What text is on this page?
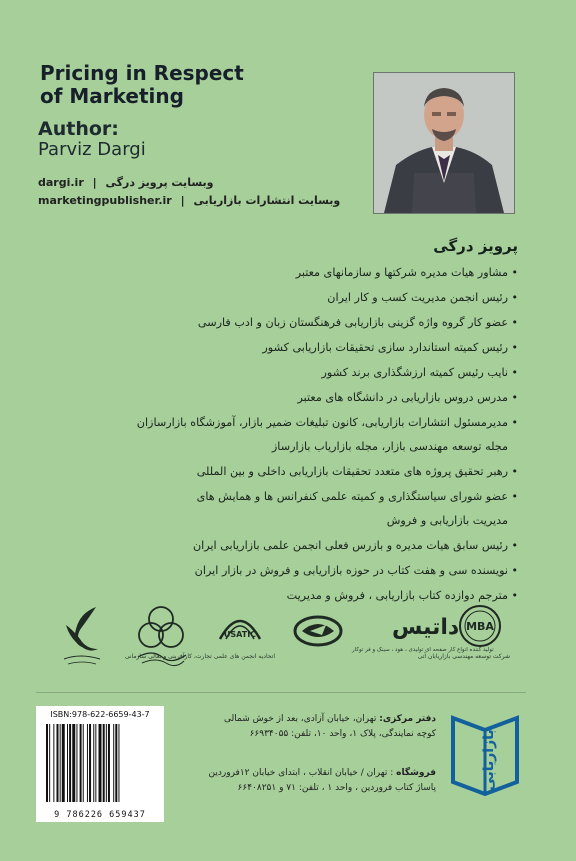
Pricing in Respect
of Marketing
Author:
Parviz Dargi
dargi.ir | وبسایت پرویز درگی
marketingpublisher.ir | وبسایت انتشارات بازاریابی
پرویز درگی
• مشاور هیات مدیره شرکتها و سازمانهای معتبر
• رئیس انجمن مدیریت کسب و کار ایران
• عضو کار گروه واژه گزینی بازاریابی فرهنگستان زبان و ادب فارسی
• رئیس کمیته استاندارد سازی تحقیقات بازاریابی کشور
• نایب رئیس کمیته ارزشگذاری برند کشور
• مدرس دروس بازاریابی در دانشگاه های معتبر
• مدیرمسئول انتشارات بازاریابی، کانون تبلیغات ضمیر بازار، آموزشگاه بازارسازان
مجله توسعه مهندسی بازار، مجله بازاریاب بازارساز
• رهبر تحقیق پروژه های متعدد تحقیقات بازاریابی داخلی و بین المللی
• عضو شورای سیاستگذاری و کمیته علمی کنفرانس ها و همایش های
مدیریت بازاریابی و فروش
• رئیس سابق هیات مدیره و بازرس فعلی انجمن علمی بازاریابی ایران
• نویسنده سی و هفت کتاب در حوزه بازاریابی و فروش در بازار ایران
• مترجم دوازده کتاب بازاریابی ، فروش و مدیریت
MBA
شرکت توسعه مهندسی بازاریابان آتی
داتیس
تولید کننده انواع کار صفحه ای تولیدی ، هود ، سینک و فر توکار
USATIC
اتحادیه انجمن های علمی تجارت، کارآفرینی و تعالی سازمانی
ISBN:978-622-6659-43-7
9 786226 659437
دفتر مرکزی: تهران، خیابان آزادی، بعد از خوش شمالی
کوچه نمایندگی، پلاک ۱، واحد ۱۰، تلفن: ۶۶۹۳۴۰۵۵
فروشگاه : تهران / خیابان انقلاب ، ابتدای خیابان ۱۲فروردین
پاساژ کتاب فروردین ، واحد ۱ ، تلفن: ۷۱ و ۶۶۴۰۸۲۵۱	بازاریابی
